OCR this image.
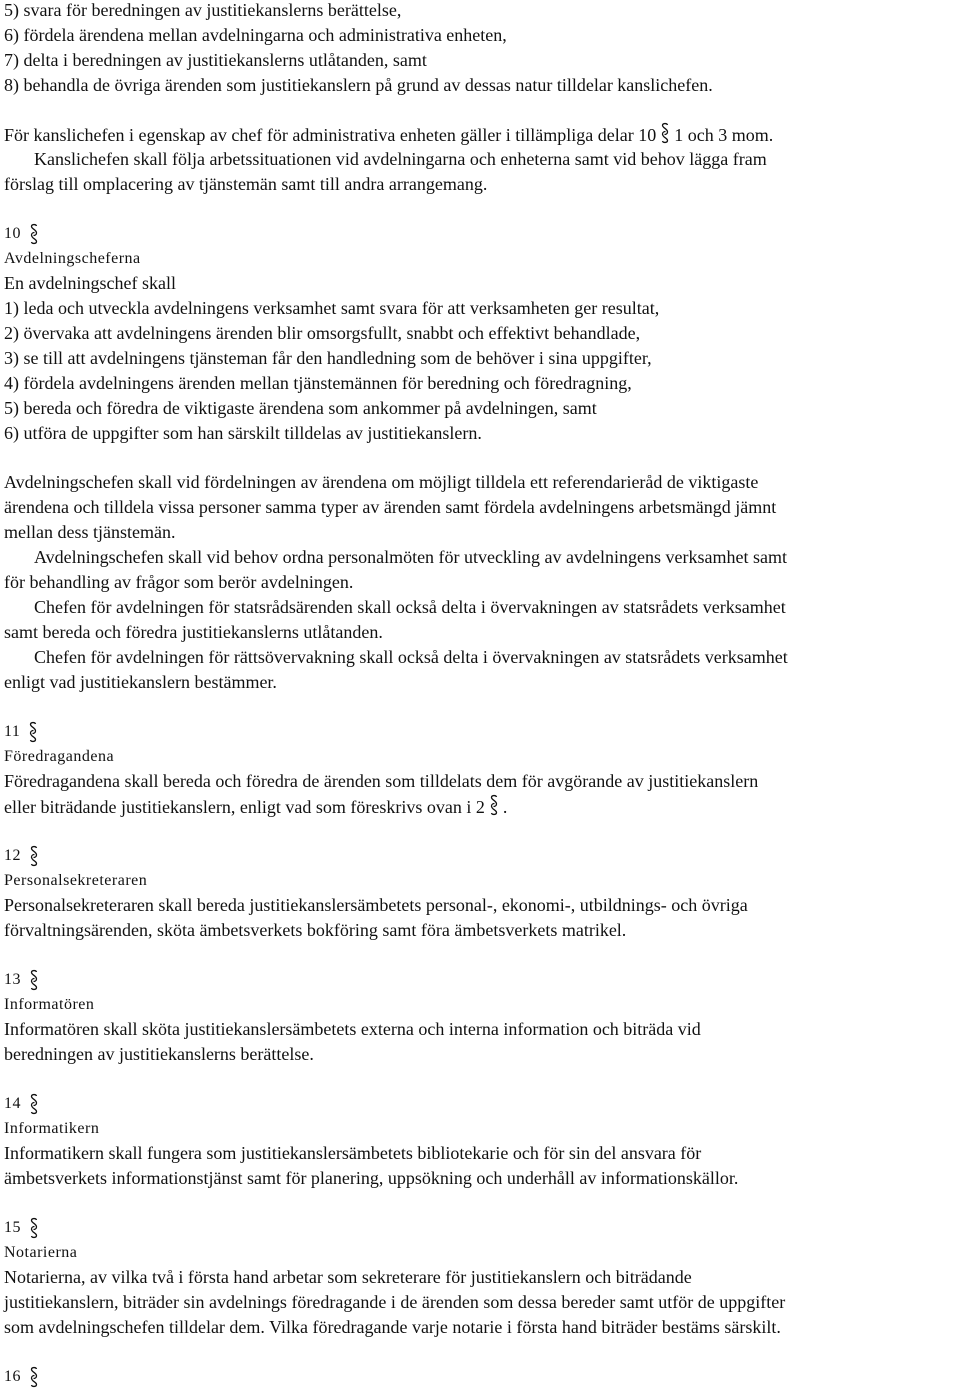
5) svara för beredningen av justitiekanslerns berättelse,
6) fördela ärendena mellan avdelningarna och administrativa enheten,
7) delta i beredningen av justitiekanslerns utlåtanden, samt
8) behandla de övriga ärenden som justitiekanslern på grund av dessas natur tilldelar kanslichefen.
För kanslichefen i egenskap av chef för administrativa enheten gäller i tillämpliga delar 10 1 och 3 mom.
Kanslichefen skall följa arbetssituationen vid avdelningarna och enheterna samt vid behov lägga fram
förslag till omplacering av tjänstemän samt till andra arrangemang.
10
Avdelningscheferna
En avdelningschef skall
1) leda och utveckla avdelningens verksamhet samt svara för att verksamheten ger resultat,
2) övervaka att avdelningens ärenden blir omsorgsfullt, snabbt och effektivt behandlade,
3) se till att avdelningens tjänsteman får den handledning som de behöver i sina uppgifter,
4) fördela avdelningens ärenden mellan tjänstemännen för beredning och föredragning,
5) bereda och föredra de viktigaste ärendena som ankommer på avdelningen, samt
6) utföra de uppgifter som han särskilt tilldelas av justitiekanslern.
Avdelningschefen skall vid fördelningen av ärendena om möjligt tilldela ett referendarieråd de viktigaste
ärendena och tilldela vissa personer samma typer av ärenden samt fördela avdelningens arbetsmängd jämnt
mellan dess tjänstemän.
Avdelningschefen skall vid behov ordna personalmöten för utveckling av avdelningens verksamhet samt
för behandling av frågor som berör avdelningen.
Chefen för avdelningen för statsrådsärenden skall också delta i övervakningen av statsrådets verksamhet
samt bereda och föredra justitiekanslerns utlåtanden.
Chefen för avdelningen för rättsövervakning skall också delta i övervakningen av statsrådets verksamhet
enligt vad justitiekanslern bestämmer.
11
Föredragandena
Föredragandena skall bereda och föredra de ärenden som tilldelats dem för avgörande av justitiekanslern
eller biträdande justitiekanslern, enligt vad som föreskrivs ovan i 2 .
12
Personalsekreteraren
Personalsekreteraren skall bereda justitiekanslersämbetets personal-, ekonomi-, utbildnings- och övriga
förvaltningsärenden, sköta ämbetsverkets bokföring samt föra ämbetsverkets matrikel.
13
Informatören
Informatören skall sköta justitiekanslersämbetets externa och interna information och biträda vid
beredningen av justitiekanslerns berättelse.
14
Informatikern
Informatikern skall fungera som justitiekanslersämbetets bibliotekarie och för sin del ansvara för
ämbetsverkets informationstjänst samt för planering, uppsökning och underhåll av informationskällor.
15
Notarierna
Notarierna, av vilka två i första hand arbetar som sekreterare för justitiekanslern och biträdande
justitiekanslern, biträder sin avdelnings föredragande i de ärenden som dessa bereder samt utför de uppgifter
som avdelningschefen tilldelar dem. Vilka föredragande varje notarie i första hand biträder bestäms särskilt.
16
